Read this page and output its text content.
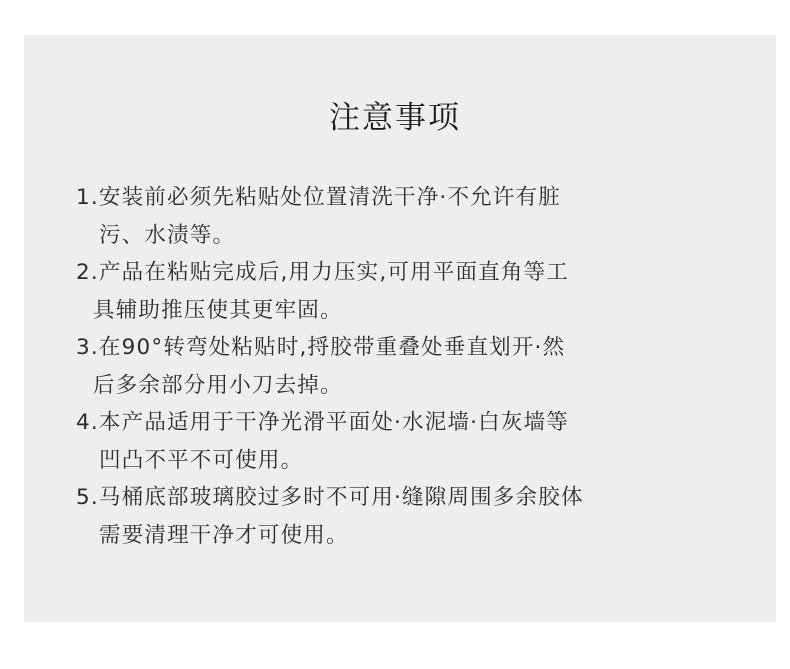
注意事项
1.安装前必须先粘贴处位置清洗干净·不允许有脏
污、水渍等。
2.产品在粘贴完成后,用力压实,可用平面直角等工
具辅助推压使其更牢固。
3.在90°转弯处粘贴时,捋胶带重叠处垂直划开·然
后多余部分用小刀去掉。
4.本产品适用于干净光滑平面处·水泥墙·白灰墙等
凹凸不平不可使用。
5.马桶底部玻璃胶过多时不可用·缝隙周围多余胶体
需要清理干净才可使用。
